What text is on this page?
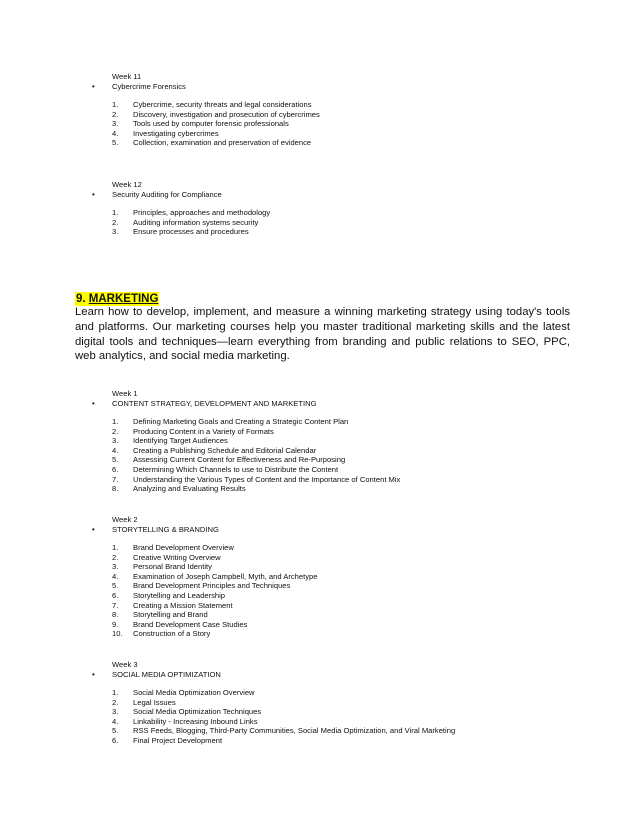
Week 11
•	Cybercrime Forensics
1.	Cybercrime, security threats and legal considerations
2.	Discovery, investigation and prosecution of cybercrimes
3.	Tools used by computer forensic professionals
4.	Investigating cybercrimes
5.	Collection, examination and preservation of evidence
Week 12
•	Security Auditing for Compliance
1.	Principles, approaches and methodology
2.	Auditing information systems security
3.	Ensure processes and procedures
9. MARKETING
Learn how to develop, implement, and measure a winning marketing strategy using today's tools and platforms. Our marketing courses help you master traditional marketing skills and the latest digital tools and techniques—learn everything from branding and public relations to SEO, PPC, web analytics, and social media marketing.
Week 1
•	CONTENT STRATEGY, DEVELOPMENT AND MARKETING
1.	Defining Marketing Goals and Creating a Strategic Content Plan
2.	Producing Content in a Variety of Formats
3.	Identifying Target Audiences
4.	Creating a Publishing Schedule and Editorial Calendar
5.	Assessing Current Content for Effectiveness and Re-Purposing
6.	Determining Which Channels to use to Distribute the Content
7.	Understanding the Various Types of Content and the Importance of Content Mix
8.	Analyzing and Evaluating Results
Week 2
•	STORYTELLING & BRANDING
1.	Brand Development Overview
2.	Creative Writing Overview
3.	Personal Brand Identity
4.	Examination of Joseph Campbell, Myth, and Archetype
5.	Brand Development Principles and Techniques
6.	Storytelling and Leadership
7.	Creating a Mission Statement
8.	Storytelling and Brand
9.	Brand Development Case Studies
10.	Construction of a Story
Week 3
•	SOCIAL MEDIA OPTIMIZATION
1.	Social Media Optimization Overview
2.	Legal Issues
3.	Social Media Optimization Techniques
4.	Linkability - Increasing Inbound Links
5.	RSS Feeds, Blogging, Third-Party Communities, Social Media Optimization, and Viral Marketing
6.	Final Project Development
